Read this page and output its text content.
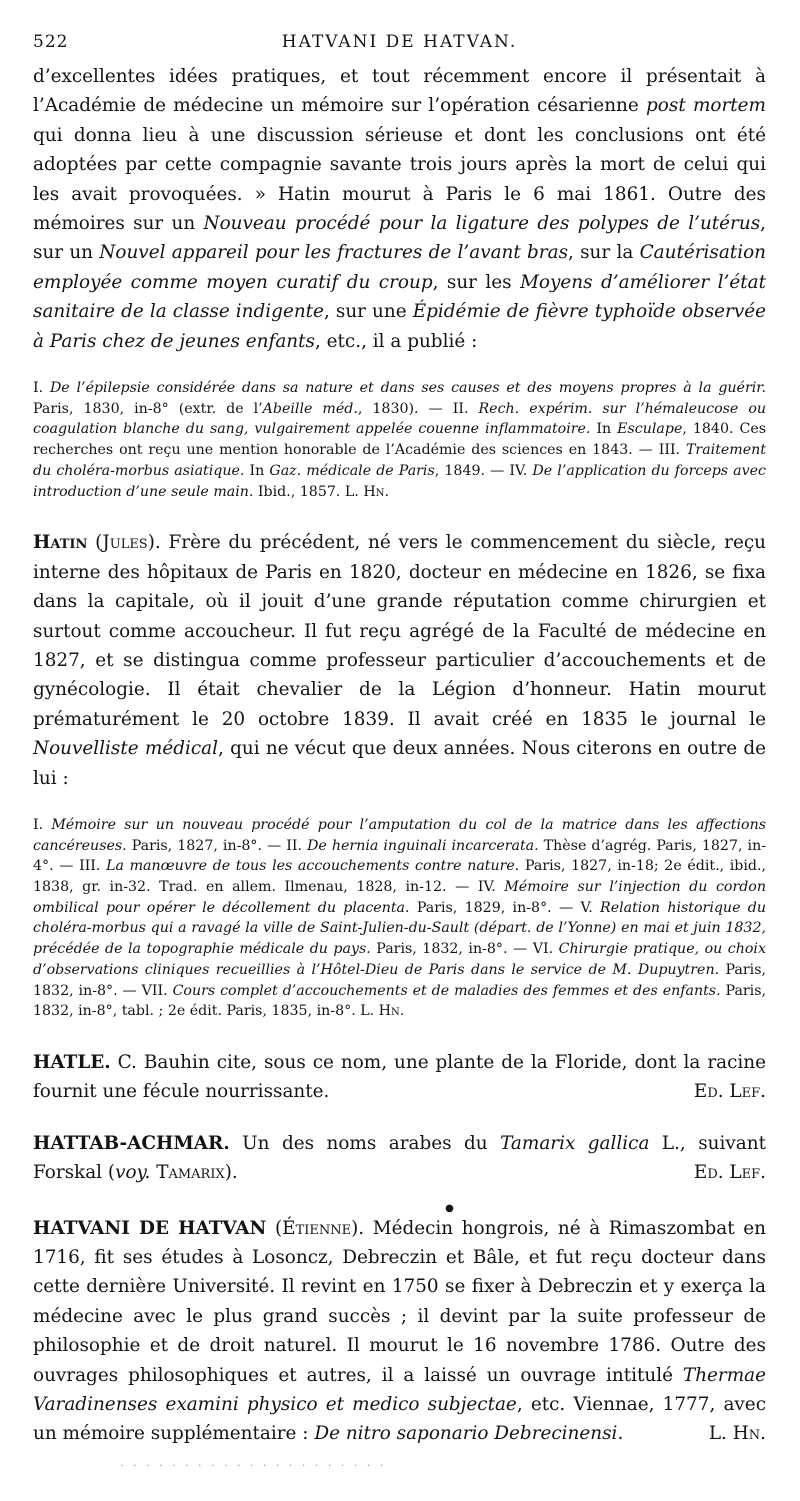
522	HATVANI DE HATVAN.

d’excellentes idées pratiques, et tout récemment encore il présentait à l’Académie de médecine un mémoire sur l’opération césarienne post mortem qui donna lieu à une discussion sérieuse et dont les conclusions ont été adoptées par cette compagnie savante trois jours après la mort de celui qui les avait provoquées. » Hatin mourut à Paris le 6 mai 1861. Outre des mémoires sur un Nouveau procédé pour la ligature des polypes de l’utérus, sur un Nouvel appareil pour les fractures de l’avant bras, sur la Cautérisation employée comme moyen curatif du croup, sur les Moyens d’améliorer l’état sanitaire de la classe indigente, sur une Épidémie de fièvre typhoïde observée à Paris chez de jeunes enfants, etc., il a publié :

I. De l’épilepsie considérée dans sa nature et dans ses causes et des moyens propres à la guérir. Paris, 1830, in-8° (extr. de l’Abeille méd., 1830). — II. Rech. expérim. sur l’hémaleucose ou coagulation blanche du sang, vulgairement appelée couenne inflammatoire. In Esculape, 1840. Ces recherches ont reçu une mention honorable de l’Académie des sciences en 1843. — III. Traitement du choléra-morbus asiatique. In Gaz. médicale de Paris, 1849. — IV. De l’application du forceps avec introduction d’une seule main. Ibid., 1857. L. Hn.

Hatin (Jules). Frère du précédent, né vers le commencement du siècle, reçu interne des hôpitaux de Paris en 1820, docteur en médecine en 1826, se fixa dans la capitale, où il jouit d’une grande réputation comme chirurgien et surtout comme accoucheur. Il fut reçu agrégé de la Faculté de médecine en 1827, et se distingua comme professeur particulier d’accouchements et de gynécologie. Il était chevalier de la Légion d’honneur. Hatin mourut prématurément le 20 octobre 1839. Il avait créé en 1835 le journal le Nouvelliste médical, qui ne vécut que deux années. Nous citerons en outre de lui :

I. Mémoire sur un nouveau procédé pour l’amputation du col de la matrice dans les affections cancéreuses. Paris, 1827, in-8°. — II. De hernia inguinali incarcerata. Thèse d’agrég. Paris, 1827, in-4°. — III. La manœuvre de tous les accouchements contre nature. Paris, 1827, in-18; 2e édit., ibid., 1838, gr. in-32. Trad. en allem. Ilmenau, 1828, in-12. — IV. Mémoire sur l’injection du cordon ombilical pour opérer le décollement du placenta. Paris, 1829, in-8°. — V. Relation historique du choléra-morbus qui a ravagé la ville de Saint-Julien-du-Sault (départ. de l’Yonne) en mai et juin 1832, précédée de la topographie médicale du pays. Paris, 1832, in-8°. — VI. Chirurgie pratique, ou choix d’observations cliniques recueillies à l’Hôtel-Dieu de Paris dans le service de M. Dupuytren. Paris, 1832, in-8°. — VII. Cours complet d’accouchements et de maladies des femmes et des enfants. Paris, 1832, in-8°, tabl. ; 2e édit. Paris, 1835, in-8°. L. Hn.

HATLE. C. Bauhin cite, sous ce nom, une plante de la Floride, dont la racine fournit une fécule nourrissante.	Ed. Lef.

HATTAB-ACHMAR. Un des noms arabes du Tamarix gallica L., suivant Forskal (voy. Tamarix).	Ed. Lef.

●

HATVANI DE HATVAN (Étienne). Médecin hongrois, né à Rimaszombat en 1716, fit ses études à Losoncz, Debreczin et Bâle, et fut reçu docteur dans cette dernière Université. Il revint en 1750 se fixer à Debreczin et y exerça la médecine avec le plus grand succès ; il devint par la suite professeur de philosophie et de droit naturel. Il mourut le 16 novembre 1786. Outre des ouvrages philosophiques et autres, il a laissé un ouvrage intitulé Thermae Varadinenses examini physico et medico subjectae, etc. Viennae, 1777, avec un mémoire supplémentaire : De nitro saponario Debrecinensi.	L. Hn.

. . . . . . . . . . . . . . . . . . . . .
